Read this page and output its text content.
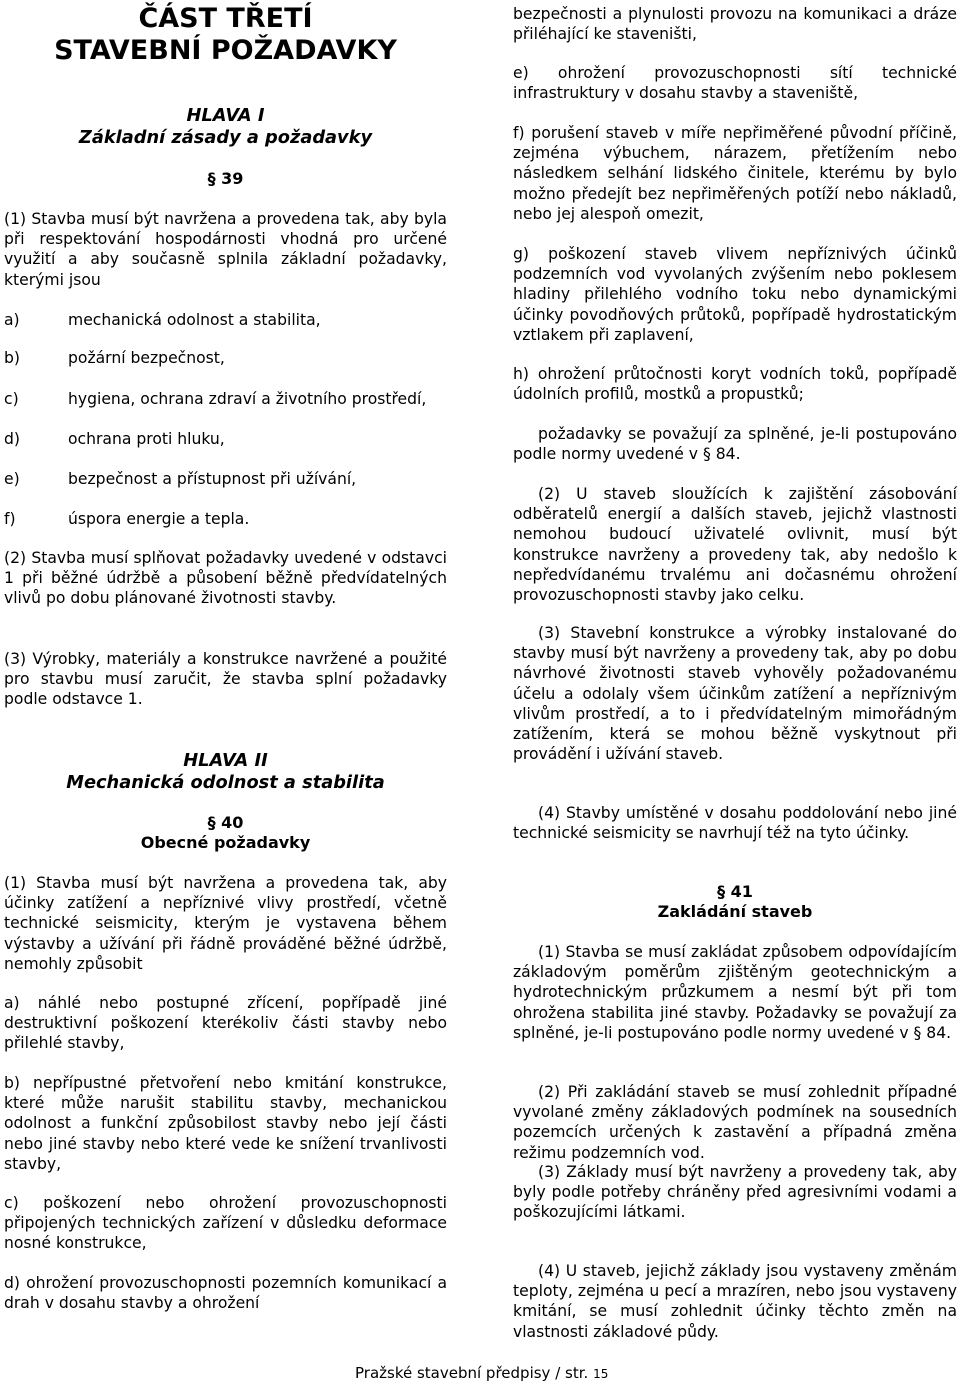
ČÁST TŘETÍ

STAVEBNÍ POŽADAVKY

HLAVA I

Základní zásady a požadavky

§ 39

(1) Stavba musí být navržena a provedena tak, aby byla při respektování hospodárnosti vhodná pro určené využití a aby současně splnila základní požadavky, kterými jsou

a)	mechanická odolnost a stabilita,
b)	požární bezpečnost,
c)	hygiena, ochrana zdraví a životního prostředí,
d)	ochrana proti hluku,
e)	bezpečnost a přístupnost při užívání,
f)	úspora energie a tepla.

(2) Stavba musí splňovat požadavky uvedené v odstavci 1 při běžné údržbě a působení běžně předvídatelných vlivů po dobu plánované životnosti stavby.

(3) Výrobky, materiály a konstrukce navržené a použité pro stavbu musí zaručit, že stavba splní požadavky podle odstavce 1.

HLAVA II

Mechanická odolnost a stabilita

§ 40

Obecné požadavky

(1) Stavba musí být navržena a provedena tak, aby účinky zatížení a nepříznivé vlivy prostředí, včetně technické seismicity, kterým je vystavena během výstavby a užívání při řádně prováděné běžné údržbě, nemohly způsobit

a) náhlé nebo postupné zřícení, popřípadě jiné destruktivní poškození kterékoliv části stavby nebo přilehlé stavby,

b) nepřípustné přetvoření nebo kmitání konstrukce, které může narušit stabilitu stavby, mechanickou odolnost a funkční způsobilost stavby nebo její části nebo jiné stavby nebo které vede ke snížení trvanlivosti stavby,

c) poškození nebo ohrožení provozuschopnosti připojených technických zařízení v důsledku deformace nosné konstrukce,

d) ohrožení provozuschopnosti pozemních komunikací a drah v dosahu stavby a ohrožení

bezpečnosti a plynulosti provozu na komunikaci a dráze přiléhající ke staveništi,

e) ohrožení provozuschopnosti sítí technické infrastruktury v dosahu stavby a staveniště,

f) porušení staveb v míře nepřiměřené původní příčině, zejména výbuchem, nárazem, přetížením nebo následkem selhání lidského činitele, kterému by bylo možno předejít bez nepřiměřených potíží nebo nákladů, nebo jej alespoň omezit,

g) poškození staveb vlivem nepříznivých účinků podzemních vod vyvolaných zvýšením nebo poklesem hladiny přilehlého vodního toku nebo dynamickými účinky povodňových průtoků, popřípadě hydrostatickým vztlakem při zaplavení,

h) ohrožení průtočnosti koryt vodních toků, popřípadě údolních profilů, mostků a propustků;

požadavky se považují za splněné, je-li postupováno podle normy uvedené v § 84.

(2) U staveb sloužících k zajištění zásobování odběratelů energií a dalších staveb, jejichž vlastnosti nemohou budoucí uživatelé ovlivnit, musí být konstrukce navrženy a provedeny tak, aby nedošlo k nepředvídanému trvalému ani dočasnému ohrožení provozuschopnosti stavby jako celku.

(3) Stavební konstrukce a výrobky instalované do stavby musí být navrženy a provedeny tak, aby po dobu návrhové životnosti staveb vyhověly požadovanému účelu a odolaly všem účinkům zatížení a nepříznivým vlivům prostředí, a to i předvídatelným mimořádným zatížením, která se mohou běžně vyskytnout při provádění i užívání staveb.

(4) Stavby umístěné v dosahu poddolování nebo jiné technické seismicity se navrhují též na tyto účinky.

§ 41

Zakládání staveb

(1) Stavba se musí zakládat způsobem odpovídajícím základovým poměrům zjištěným geotechnickým a hydrotechnickým průzkumem a nesmí být při tom ohrožena stabilita jiné stavby. Požadavky se považují za splněné, je-li postupováno podle normy uvedené v § 84.

(2) Při zakládání staveb se musí zohlednit případné vyvolané změny základových podmínek na sousedních pozemcích určených k zastavění a případná změna režimu podzemních vod.

(3) Základy musí být navrženy a provedeny tak, aby byly podle potřeby chráněny před agresivními vodami a poškozujícími látkami.

(4) U staveb, jejichž základy jsou vystaveny změnám teploty, zejména u pecí a mrazíren, nebo jsou vystaveny kmitání, se musí zohlednit účinky těchto změn na vlastnosti základové půdy.

Pražské stavební předpisy / str. 15
